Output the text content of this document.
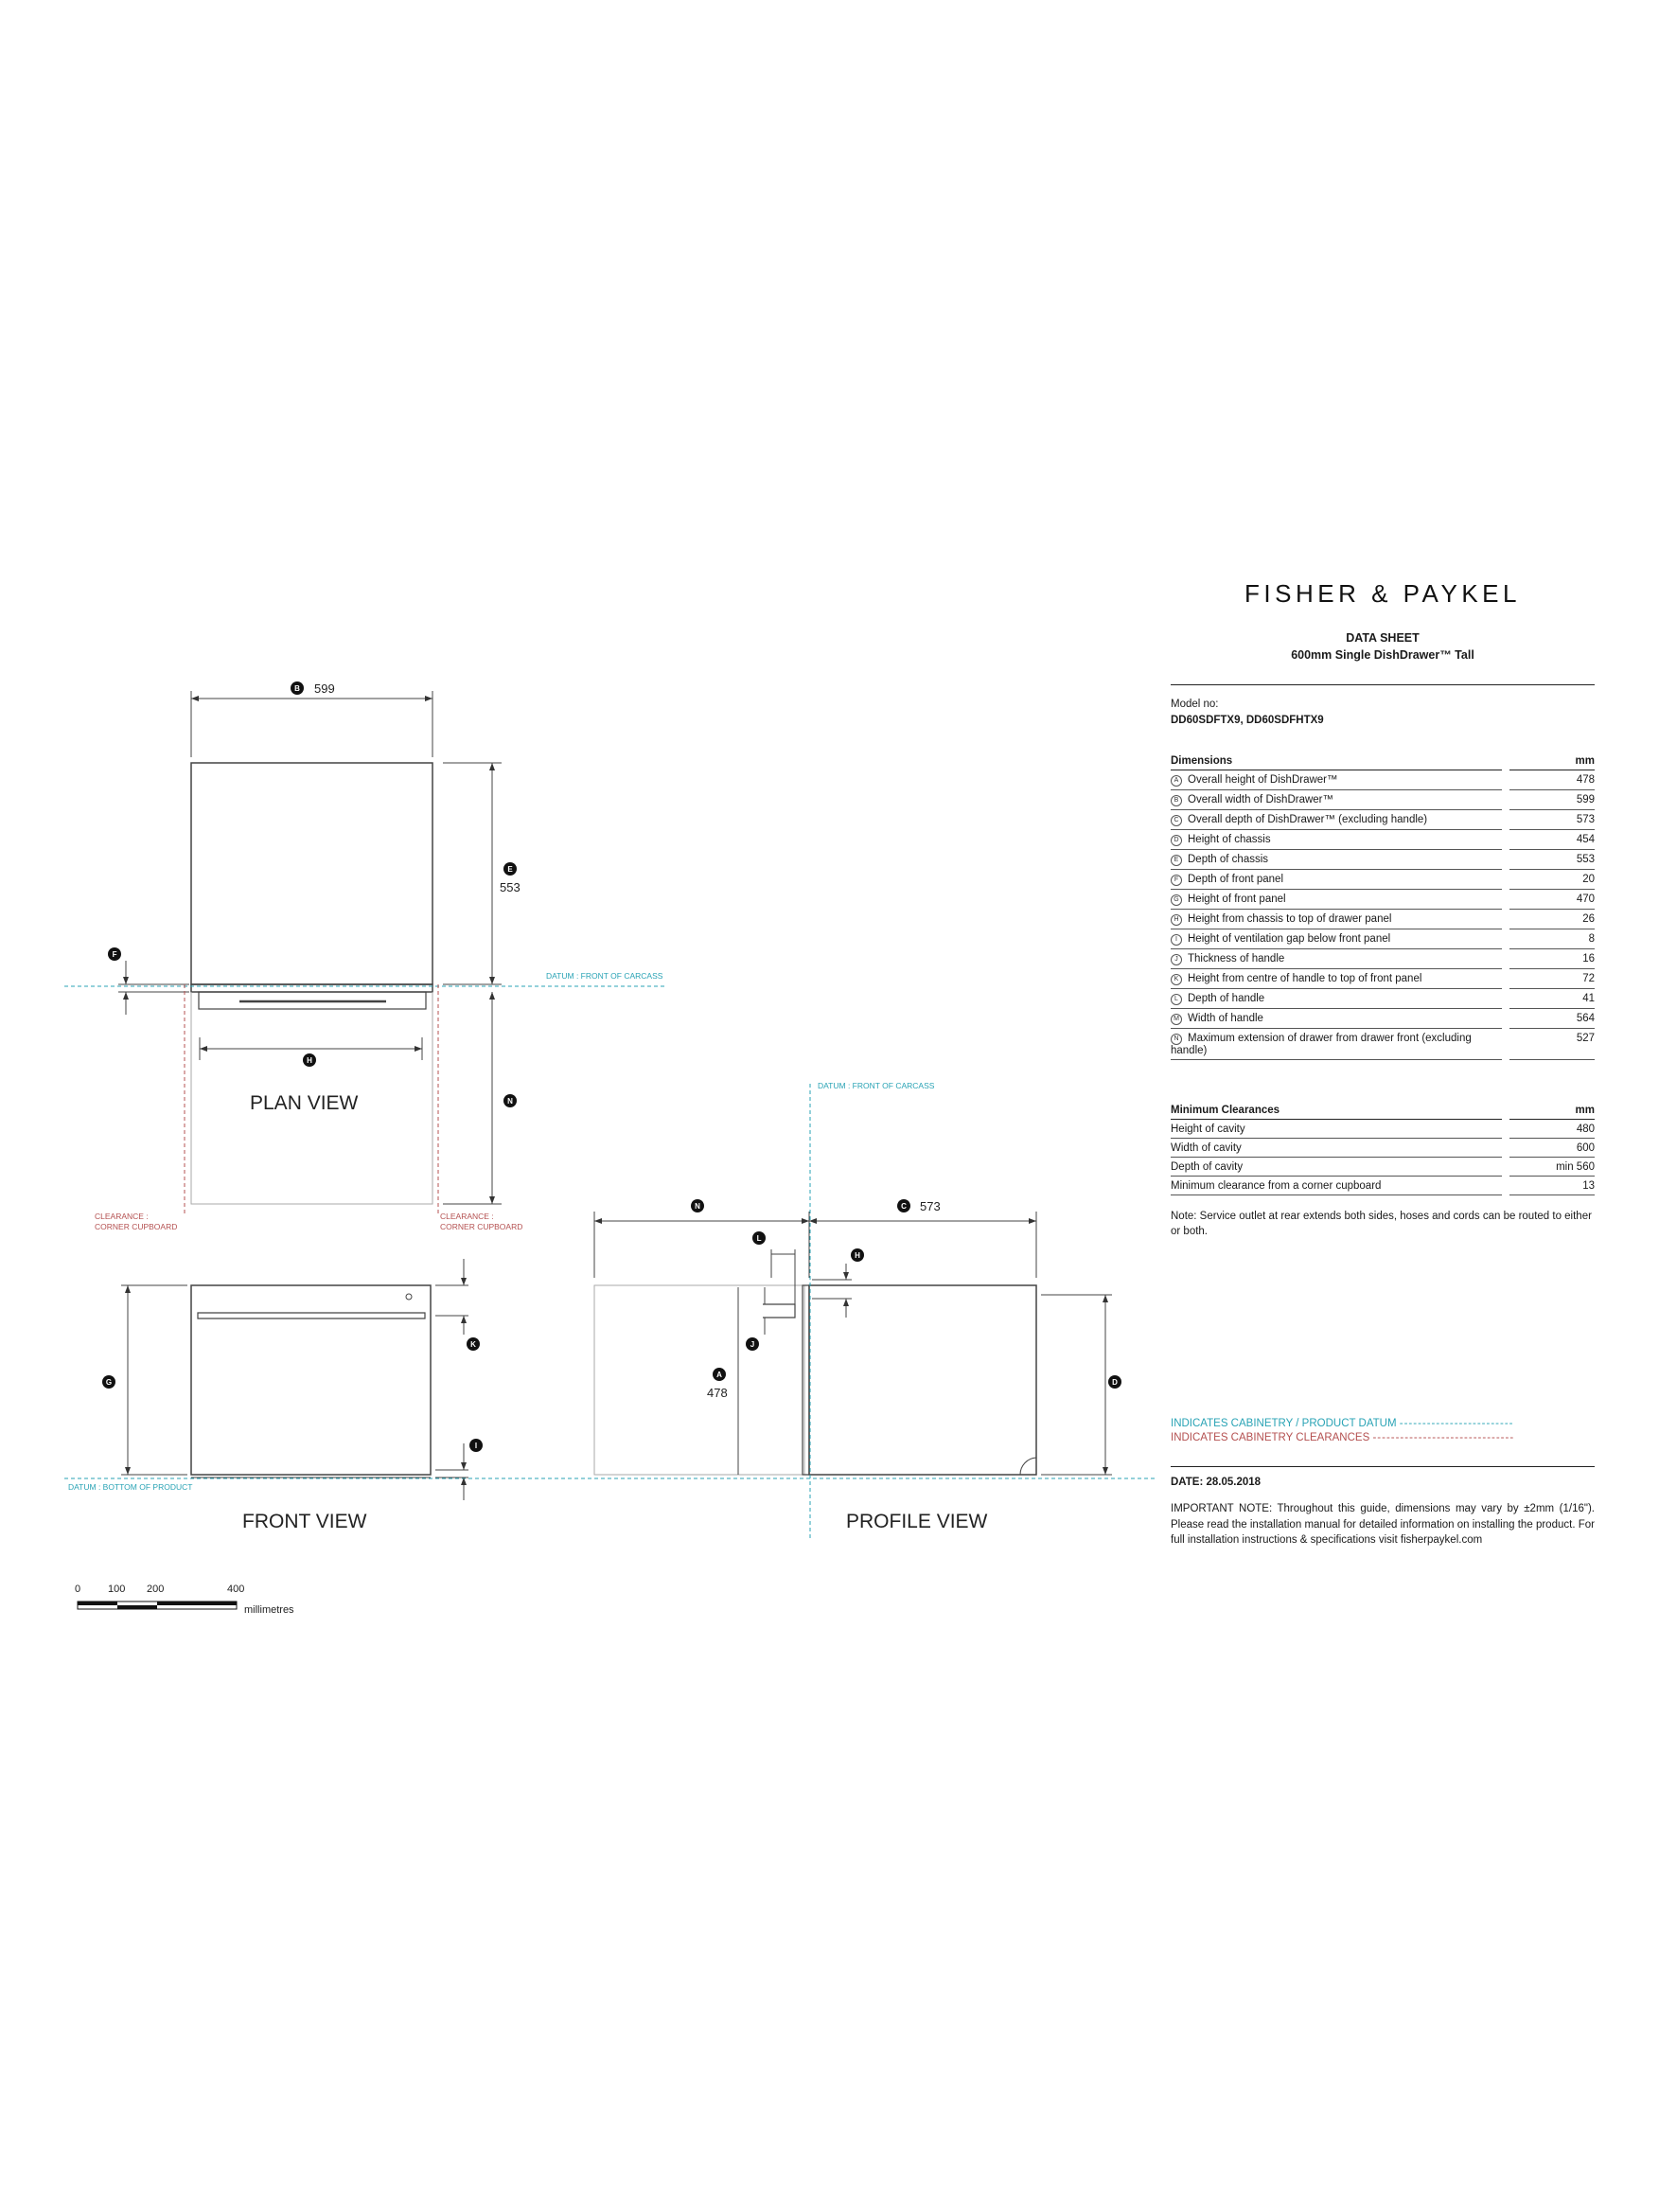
B
E
N
H
F
G
K
I
N	C
L
H
J
A
D
599
553
573
478
PLAN VIEW
FRONT VIEW	PROFILE VIEW
DATUM : FRONT OF CARCASS
DATUM : FRONT OF CARCASS
DATUM : BOTTOM OF PRODUCT
CLEARANCE :
CORNER CUPBOARD
CLEARANCE :
CORNER CUPBOARD
0	100 200	400
millimetres
FISHER & PAYKEL
DATA SHEET
600mm Single DishDrawer™ Tall
Model no:
DD60SDFTX9, DD60SDFHTX9
Dimensions		mm
A Overall height of DishDrawer™		478
B Overall width of DishDrawer™		599
C Overall depth of DishDrawer™ (excluding handle)		573
D Height of chassis		454
E Depth of chassis		553
F Depth of front panel		20
G Height of front panel		470
H Height from chassis to top of drawer panel		26
I Height of ventilation gap below front panel		8
J Thickness of handle		16
K Height from centre of handle to top of front panel		72
L Depth of handle		41
M Width of handle		564
N Maximum extension of drawer from drawer front (excluding handle)		527
Minimum Clearances		mm
Height of cavity		480
Width of cavity		600
Depth of cavity		min 560
Minimum clearance from a corner cupboard		13
Note: Service outlet at rear extends both sides, hoses and cords can be routed to either or both.
INDICATES CABINETRY / PRODUCT DATUM -------------------------
INDICATES CABINETRY CLEARANCES -------------------------------
DATE: 28.05.2018
IMPORTANT NOTE: Throughout this guide, dimensions may vary by ±2mm (1/16"). Please read the installation manual for detailed information on installing the product. For full installation instructions & specifications visit fisherpaykel.com
